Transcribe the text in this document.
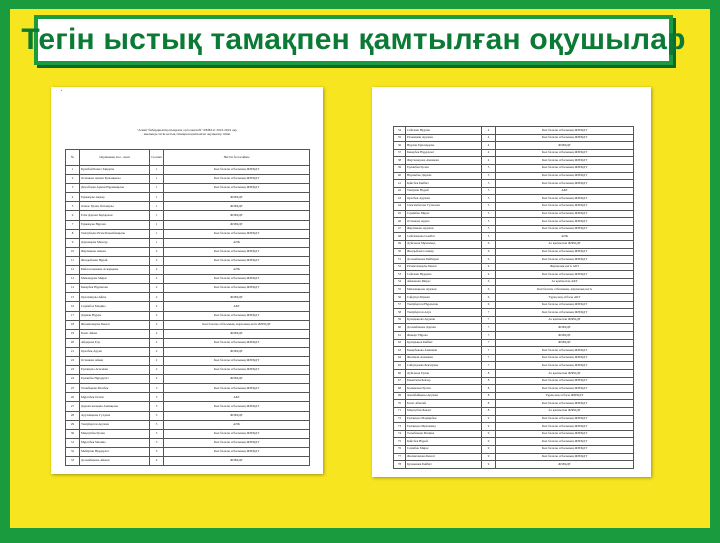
Тегін ыстық тамақпен қамтылған оқушылар
"Алмат бибердиевтің атындағы орта мектебі" КММ ат 2023-2024 оқу
жылында тегін ыстық тамақпен қамтылған оқушылар тізімі
№	Оқушының аты - жөні	Сы нып	Негізгі бе пасаймы
1	Қуанбай Бахыт Заирұлы	1	Көп балалы отбасының ЖЗЕҚДТ
2	Оспанова Арман Ержанқызы	1	Көп балалы отбасының ЖЗЕҚДТ
3	Дюсебаева Арман Нұрманқызы	1	Көп балалы отбасының ЖЗЕҚДТ
4	Ермекұлы Ақжар	1	ЖЗЕҚДТ
5	Олжас Ерлан Оспанұлы	1	ЖЗЕҚДТ
6	Есім Дархан Бауыржан	1	ЖЗЕҚДТ
7	Ермекұлы Нұрлан	1	ЖЗЕҚДТ
8	Тилеубаева Әсем Базылбекқызы	1	Көп балалы отбасының ЖЗЕҚДТ
9	Дарханұлы Мансұр	1	АӘК
10	Жаулинова Аяжан	2	Көп балалы отбасының ЖЗЕҚДТ
11	Жолдыбаева Нұрай	2	Көп балалы отбасының ЖЗЕҚДТ
12	Бейсен кызыны Аскарқызы	2	АӘК
13	Мамандұлы Мирас	2	Көп балалы отбасының ЖЗЕҚДТ
14	Бекарбек Нұрлыхан	2	Көп балалы отбасының ЖЗЕҚДТ
15	Оразханұлы Айша	2	ЖЗЕҚДТ
16	Серикбол Медина	2	АКТ
17	Дарман Нұрлы	2	Көп балалы отбасының ЖЗЕҚДТ
18	Жоламханұлы Бекзат	2	Көп балалы отбасының, жарғылық негіз ЖЗЕҚДТ
19	Бозат Айша	2	ЖЗЕҚДТ
20	Айдарова Еда	2	Көп балалы отбасының ЖЗЕҚДТ
21	Оралбек Аруна	2	ЖЗЕҚДТ
22	Оспанова Айым	2	Көп балалы отбасының ЖЗЕҚДТ
23	Ерланұлы Асылжан	2	Көп балалы отбасының ЖЗЕҚДТ
24	Ерланбек Нұрдаулет	2	ЖЗЕҚДТ
25	Толыбекова Ризабек	3	Көп балалы отбасының ЖЗЕҚДТ
26	Мұратбек Оспан	3	АКТ
27	Дархан кызыны Аманқызы	3	Көп балалы отбасының ЖЗЕҚДТ
28	Аруханқызы Гүлдана	3	ЖЗЕҚДТ
29	Танірберген Аружан	3	АӘК
30	Мақсұтбек Ерлан	3	Көп балалы отбасының ЖЗЕҚДТ
31	Мұратбек Малика	3	Көп балалы отбасының ЖЗЕҚДТ
32	Мейірхан Нұрдаулет	3	Көп балалы отбасының ЖЗЕҚДТ
33	Досымбекова Айжан	4	ЖЗЕҚДТ
34	Сейтжан Нұрлан	4	Көп балалы отбасының ЖЗЕҚДТ
35	Рахымжан Аружан	4	Көп балалы отбасының ЖЗЕҚДТ
36	Нұрлан Ерназарұлы	4	ЖЗЕҚДТ
37	Бекарбек Нұрдаулет	4	Көп балалы отбасының ЖЗЕҚДТ
38	Жаугашарова Аманжан	4	Көп балалы отбасының ЖЗЕҚДТ
39	Ерланбек Ерлан	5	Көп балалы отбасының ЖЗЕҚДТ
40	Нұрлыбек Дархан	5	Көп балалы отбасының ЖЗЕҚДТ
41	Қайсбек Бейбит	5	Көп балалы отбасының ЖЗЕҚДТ
42	Танірхан Нұрай	5	АКТ
43	Оралбек Аружан	5	Көп балалы отбасының ЖЗЕҚДТ
44	Смагамбетова Гүлжазан	5	Көп балалы отбасының ЖЗЕҚДТ
45	Серикбек Мирас	5	Көп балалы отбасының ЖЗЕҚДТ
46	Оспанова Аруна	5	Көп балалы отбасының ЖЗЕҚДТ
47	Жаулинова Аружан	5	Көп балалы отбасының ЖЗЕҚДТ
48	Сейтжанова Сымбат	5	АӘК
49	Дүйсенов Мұхаммед	6	Аз қамтылған ЖЗЕҚДТ
50	Жолдыбаев Санжар	6	Көп балалы отбасының ЖЗЕҚДТ
51	Досымбекова Бейбарыс	6	Көп балалы отбасының ЖЗЕҚДТ
52	Рахметжанұлы Бекзат	6	Жарғылық негіз АКТ
53	Сейтжан Нұрдана	6	Көп балалы отбасының ЖЗЕҚДТ
54	Айжанова Мирас	6	Аз қамтылған АКТ
55	Мағжанқызы Аружан	6	Көп балалы отбасының, жарғылық негіз
56	Сәйділда Біржан	6	Тұрақ жоқ отбасы АКТ
57	Танірберген Нұрлыхан	6	Көп балалы отбасының ЖЗЕҚДТ
58	Танірберген Алуа	7	Көп балалы отбасының ЖЗЕҚДТ
59	Қуандықова Аружан	7	Аз қамтылған ЖЗЕҚДТ
60	Досымбекова Дархан	7	ЖЗЕҚДТ
61	Жомарт Нұрлы	7	ЖЗЕҚДТ
62	Қуандықов Бейбит	7	ЖЗЕҚДТ
63	Бекарбекова Аманжан	7	Көп балалы отбасының ЖЗЕҚДТ
64	Жоламан Аманжан	7	Көп балалы отбасының ЖЗЕҚДТ
65	Сәйділдаева Бекзархан	7	Көп балалы отбасының ЖЗЕҚДТ
66	Дүйсенов Ерлан	8	Аз қамтылған ЖЗЕҚДТ
67	Бакытжан Бекзар	8	Көп балалы отбасының ЖЗЕҚДТ
68	Қалымжан Ерлан	8	Көп балалы отбасының ЖЗЕҚДТ
69	Ажанбайқызы Аружан	8	Тұрақ жоқ отбасы ЖЗЕҚДТ
70	Бозат Абылай	8	Көп балалы отбасының ЖЗЕҚДТ
71	Мақсұтбек Бекзат	8	Аз қамтылған ЖЗЕҚДТ
72	Ерланұлы Мадиярбек	9	Көп балалы отбасының ЖЗЕҚДТ
73	Ерланұлы Мұхаммед	9	Көп балалы отбасының ЖЗЕҚДТ
74	Толыбекова Малика	9	Көп балалы отбасының ЖЗЕҚДТ
75	Қайсбек Нұрай	9	Көп балалы отбасының ЖЗЕҚДТ
76	Серікбек Мирас	9	Көп балалы отбасының ЖЗЕҚДТ
77	Жоламханова Бекзат	9	Көп балалы отбасының ЖЗЕҚДТ
78	Қуанышев Бейбит	9	ЖЗЕҚДТ
